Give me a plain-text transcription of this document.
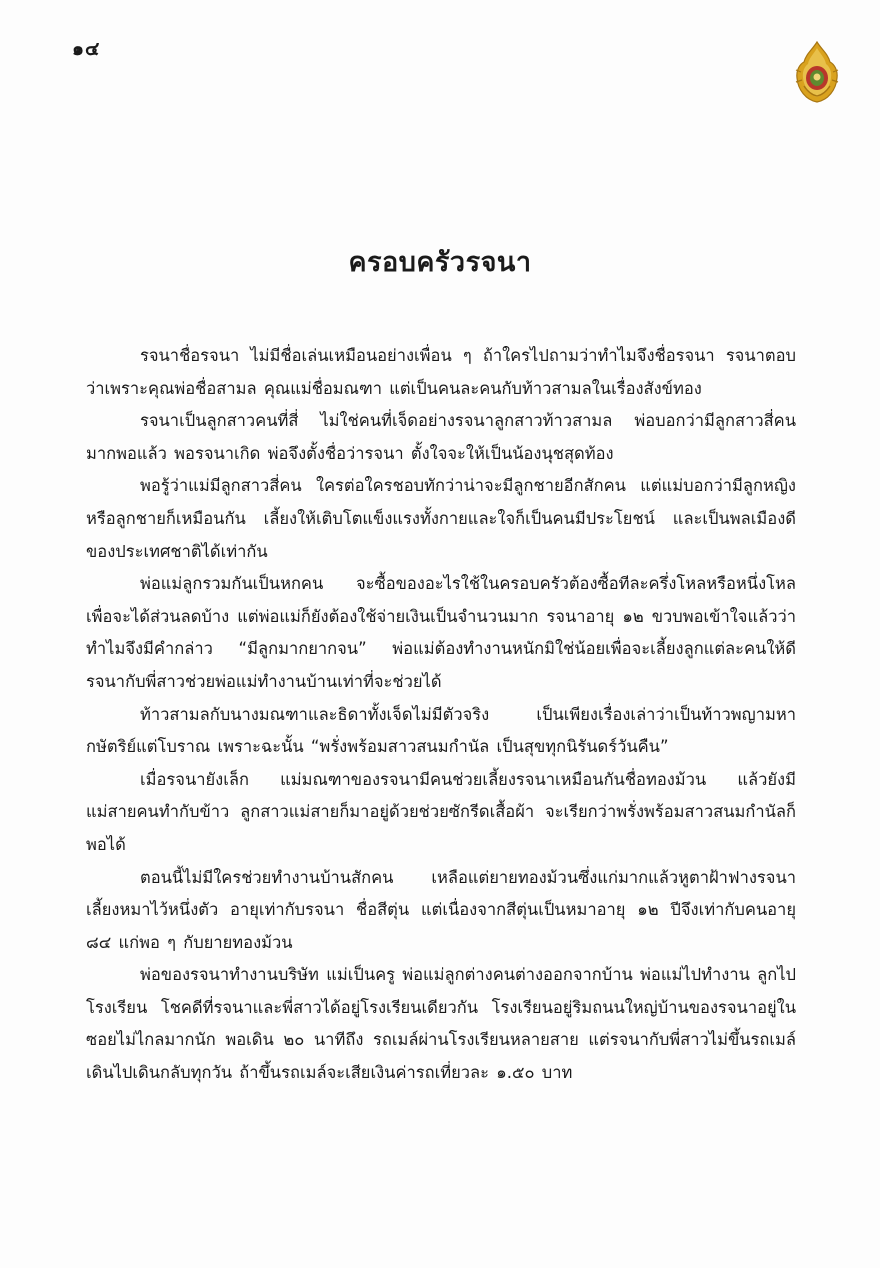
๑๔
ครอบครัวรจนา

รจนาชื่อรจนา ไม่มีชื่อเล่นเหมือนอย่างเพื่อน ๆ ถ้าใครไปถามว่าทำไมจึงชื่อรจนา รจนาตอบว่าเพราะคุณพ่อชื่อสามล คุณแม่ชื่อมณฑา แต่เป็นคนละคนกับท้าวสามลในเรื่องสังข์ทอง

รจนาเป็นลูกสาวคนที่สี่ ไม่ใช่คนที่เจ็ดอย่างรจนาลูกสาวท้าวสามล พ่อบอกว่ามีลูกสาวสี่คนมากพอแล้ว พอรจนาเกิด พ่อจึงตั้งชื่อว่ารจนา ตั้งใจจะให้เป็นน้องนุชสุดท้อง

พอรู้ว่าแม่มีลูกสาวสี่คน ใครต่อใครชอบทักว่าน่าจะมีลูกชายอีกสักคน แต่แม่บอกว่ามีลูกหญิงหรือลูกชายก็เหมือนกัน เลี้ยงให้เติบโตแข็งแรงทั้งกายและใจก็เป็นคนมีประโยชน์ และเป็นพลเมืองดีของประเทศชาติได้เท่ากัน

พ่อแม่ลูกรวมกันเป็นหกคน จะซื้อของอะไรใช้ในครอบครัวต้องซื้อทีละครึ่งโหลหรือหนึ่งโหลเพื่อจะได้ส่วนลดบ้าง แต่พ่อแม่ก็ยังต้องใช้จ่ายเงินเป็นจำนวนมาก รจนาอายุ ๑๒ ขวบพอเข้าใจแล้วว่าทำไมจึงมีคำกล่าว “มีลูกมากยากจน” พ่อแม่ต้องทำงานหนักมิใช่น้อยเพื่อจะเลี้ยงลูกแต่ละคนให้ดี รจนากับพี่สาวช่วยพ่อแม่ทำงานบ้านเท่าที่จะช่วยได้

ท้าวสามลกับนางมณฑาและธิดาทั้งเจ็ดไม่มีตัวจริง เป็นเพียงเรื่องเล่าว่าเป็นท้าวพญามหากษัตริย์แต่โบราณ เพราะฉะนั้น “พรั่งพร้อมสาวสนมกำนัล เป็นสุขทุกนิรันดร์วันคืน”

เมื่อรจนายังเล็ก แม่มณฑาของรจนามีคนช่วยเลี้ยงรจนาเหมือนกันชื่อทองม้วน แล้วยังมีแม่สายคนทำกับข้าว ลูกสาวแม่สายก็มาอยู่ด้วยช่วยซักรีดเสื้อผ้า จะเรียกว่าพรั่งพร้อมสาวสนมกำนัลก็พอได้

ตอนนี้ไม่มีใครช่วยทำงานบ้านสักคน เหลือแต่ยายทองม้วนซึ่งแก่มากแล้วหูตาฝ้าฟางรจนาเลี้ยงหมาไว้หนึ่งตัว อายุเท่ากับรจนา ชื่อสีตุ่น แต่เนื่องจากสีตุ่นเป็นหมาอายุ ๑๒ ปีจึงเท่ากับคนอายุ ๘๔ แก่พอ ๆ กับยายทองม้วน

พ่อของรจนาทำงานบริษัท แม่เป็นครู พ่อแม่ลูกต่างคนต่างออกจากบ้าน พ่อแม่ไปทำงาน ลูกไปโรงเรียน โชคดีที่รจนาและพี่สาวได้อยู่โรงเรียนเดียวกัน โรงเรียนอยู่ริมถนนใหญ่บ้านของรจนาอยู่ในซอยไม่ไกลมากนัก พอเดิน ๒๐ นาทีถึง รถเมล์ผ่านโรงเรียนหลายสาย แต่รจนากับพี่สาวไม่ขึ้นรถเมล์ เดินไปเดินกลับทุกวัน ถ้าขึ้นรถเมล์จะเสียเงินค่ารถเที่ยวละ ๑.๕๐ บาท
